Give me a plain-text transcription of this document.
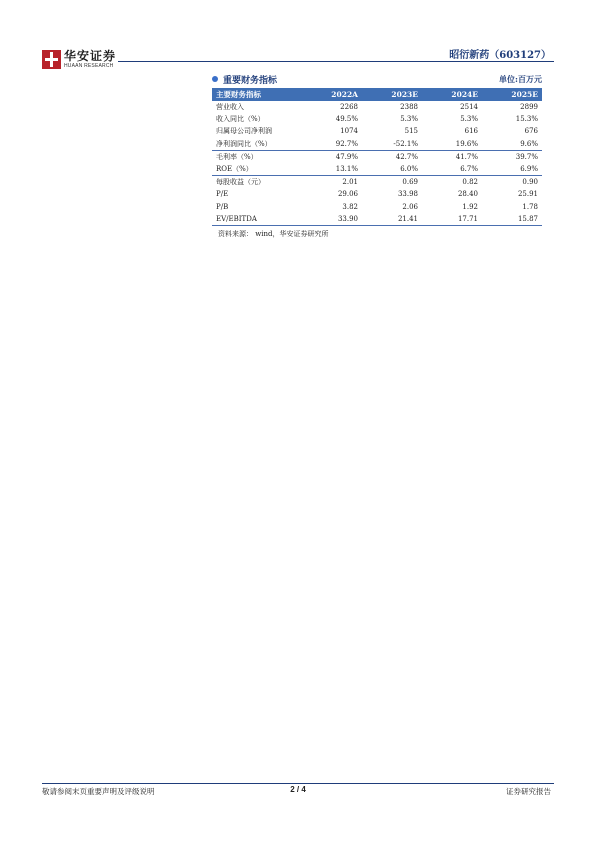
华安证券
HUAAN RESEARCH
昭衍新药（603127）
重要财务指标	单位:百万元
主要财务指标	2022A	2023E	2024E	2025E
营业收入	2268	2388	2514	2899
收入同比（%）	49.5%	5.3%	5.3%	15.3%
归属母公司净利润	1074	515	616	676
净利润同比（%）	92.7%	-52.1%	19.6%	9.6%
毛利率（%）	47.9%	42.7%	41.7%	39.7%
ROE（%）	13.1%	6.0%	6.7%	6.9%
每股收益（元）	2.01	0.69	0.82	0.90
P/E	29.06	33.98	28.40	25.91
P/B	3.82	2.06	1.92	1.78
EV/EBITDA	33.90	21.41	17.71	15.87
资料来源： wind，华安证券研究所
敬请参阅末页重要声明及评级说明	2 / 4	证券研究报告
